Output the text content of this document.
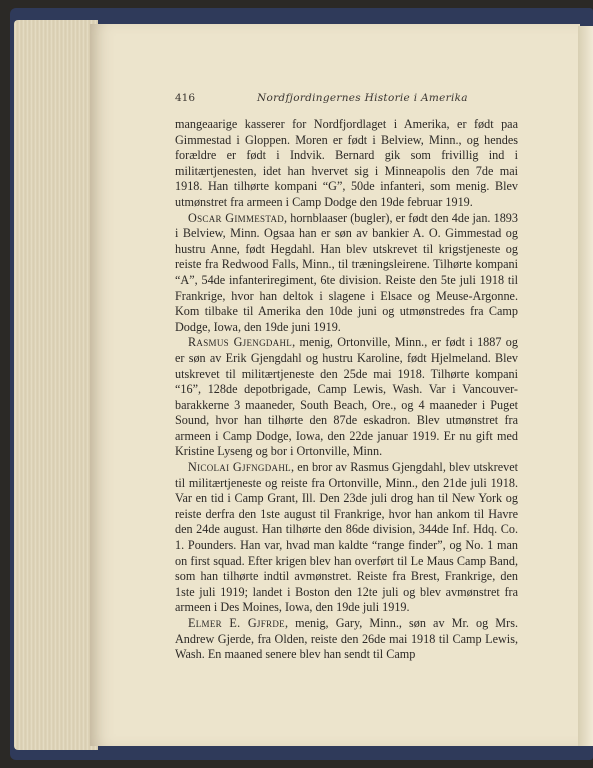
416	Nordfjordingernes Historie i Amerika

mangeaarige kasserer for Nordfjordlaget i Amerika, er født paa Gimmestad i Gloppen. Moren er født i Belview, Minn., og hendes forældre er født i Indvik. Bernard gik som frivillig ind i militærtjenesten, idet han hvervet sig i Minneapolis den 7de mai 1918. Han tilhørte kompani “G”, 50de infanteri, som menig. Blev utmønstret fra armeen i Camp Dodge den 19de februar 1919.

Oscar Gimmestad, hornblaaser (bugler), er født den 4de jan. 1893 i Belview, Minn. Ogsaa han er søn av bankier A. O. Gimmestad og hustru Anne, født Hegdahl. Han blev utskrevet til krigstjeneste og reiste fra Redwood Falls, Minn., til træningsleirene. Tilhørte kompani “A”, 54de infanteriregiment, 6te division. Reiste den 5te juli 1918 til Frankrige, hvor han deltok i slagene i Elsace og Meuse-Argonne. Kom tilbake til Amerika den 10de juni og utmønstredes fra Camp Dodge, Iowa, den 19de juni 1919.

Rasmus Gjengdahl, menig, Ortonville, Minn., er født i 1887 og er søn av Erik Gjengdahl og hustru Karoline, født Hjelmeland. Blev utskrevet til militærtjeneste den 25de mai 1918. Tilhørte kompani “16”, 128de depotbrigade, Camp Lewis, Wash. Var i Vancouver-barakkerne 3 maaneder, South Beach, Ore., og 4 maaneder i Puget Sound, hvor han tilhørte den 87de eskadron. Blev utmønstret fra armeen i Camp Dodge, Iowa, den 22de januar 1919. Er nu gift med Kristine Lyseng og bor i Ortonville, Minn.

Nicolai Gjfngdahl, en bror av Rasmus Gjengdahl, blev utskrevet til militærtjeneste og reiste fra Ortonville, Minn., den 21de juli 1918. Var en tid i Camp Grant, Ill. Den 23de juli drog han til New York og reiste derfra den 1ste august til Frankrige, hvor han ankom til Havre den 24de august. Han tilhørte den 86de division, 344de Inf. Hdq. Co. 1. Pounders. Han var, hvad man kaldte “range finder”, og No. 1 man on first squad. Efter krigen blev han overført til Le Maus Camp Band, som han tilhørte indtil avmønstret. Reiste fra Brest, Frankrige, den 1ste juli 1919; landet i Boston den 12te juli og blev avmønstret fra armeen i Des Moines, Iowa, den 19de juli 1919.

Elmer E. Gjfrde, menig, Gary, Minn., søn av Mr. og Mrs. Andrew Gjerde, fra Olden, reiste den 26de mai 1918 til Camp Lewis, Wash. En maaned senere blev han sendt til Camp
